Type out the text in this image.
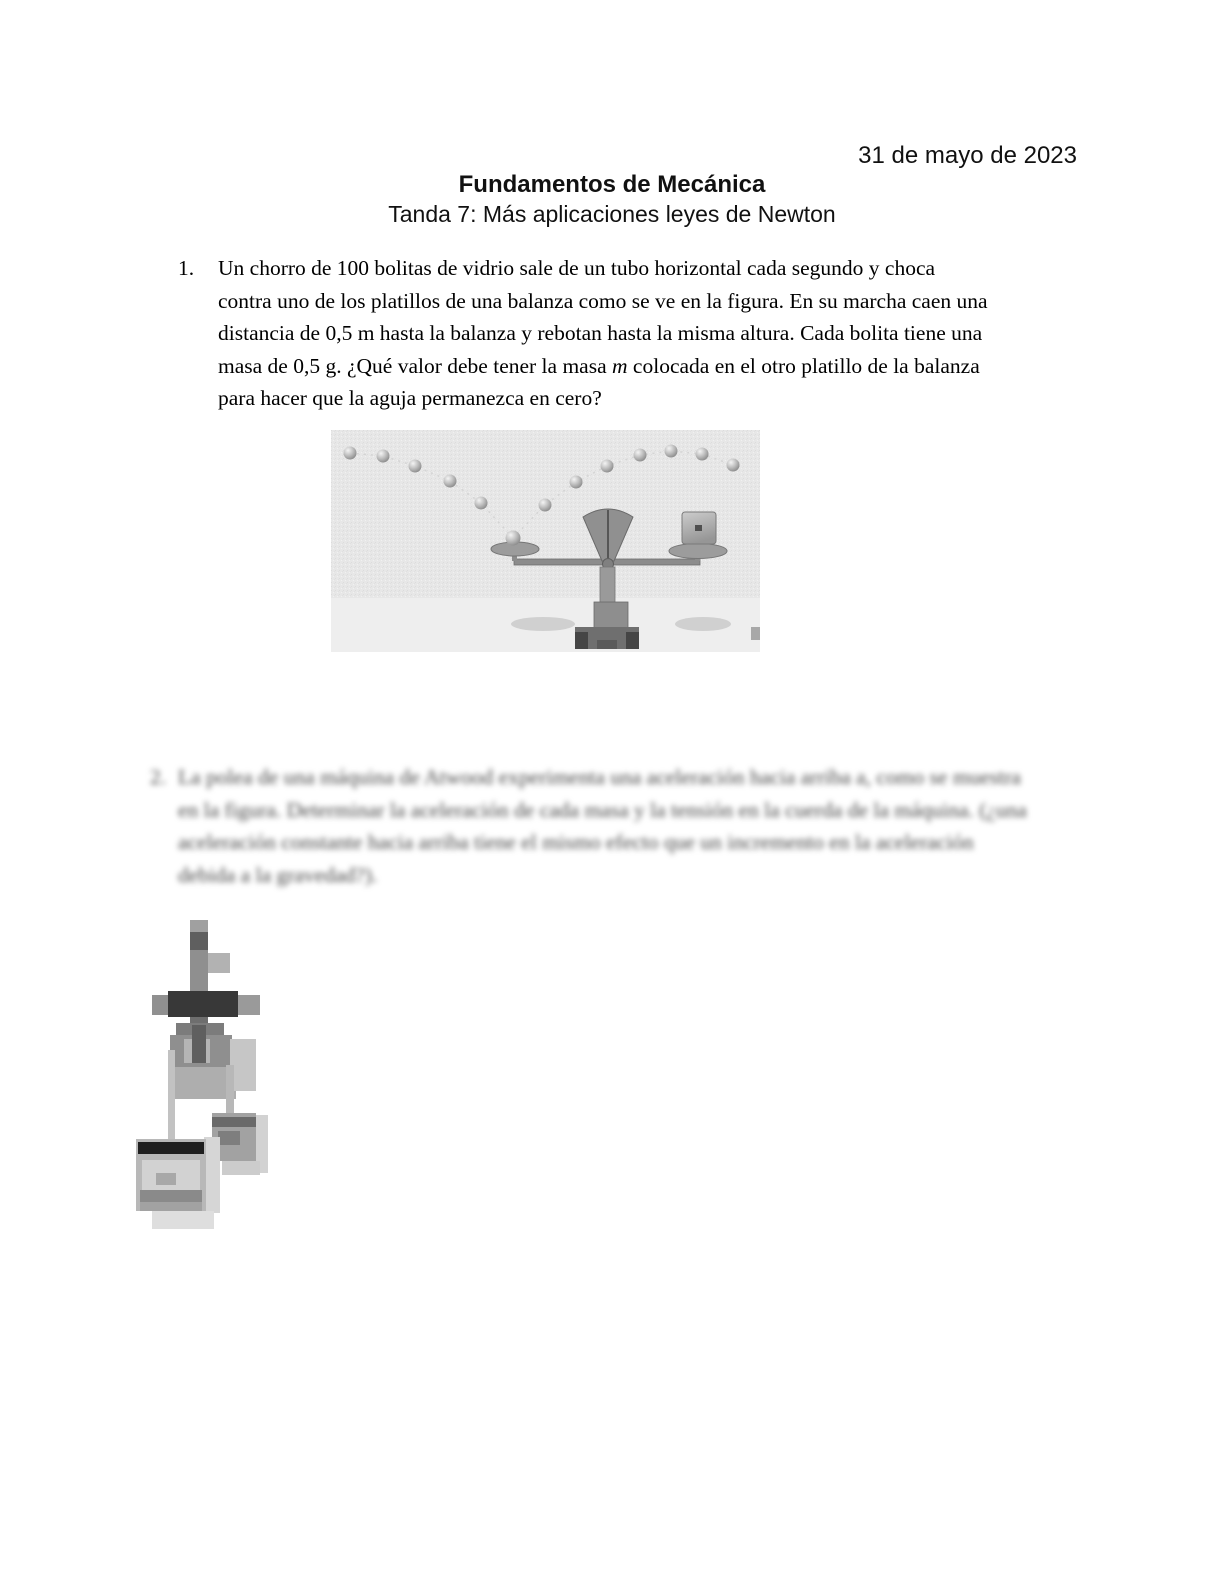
31 de mayo de 2023
Fundamentos de Mecánica
Tanda 7: Más aplicaciones leyes de Newton
1. Un chorro de 100 bolitas de vidrio sale de un tubo horizontal cada segundo y choca
contra uno de los platillos de una balanza como se ve en la figura. En su marcha caen una
distancia de 0,5 m hasta la balanza y rebotan hasta la misma altura. Cada bolita tiene una
masa de 0,5 g. ¿Qué valor debe tener la masa m colocada en el otro platillo de la balanza
para hacer que la aguja permanezca en cero?
2. La polea de una máquina de Atwood experimenta una aceleración hacia arriba a, como se muestra
en la figura. Determinar la aceleración de cada masa y la tensión en la cuerda de la máquina. (¿una
aceleración constante hacia arriba tiene el mismo efecto que un incremento en la aceleración
debida a la gravedad?).
